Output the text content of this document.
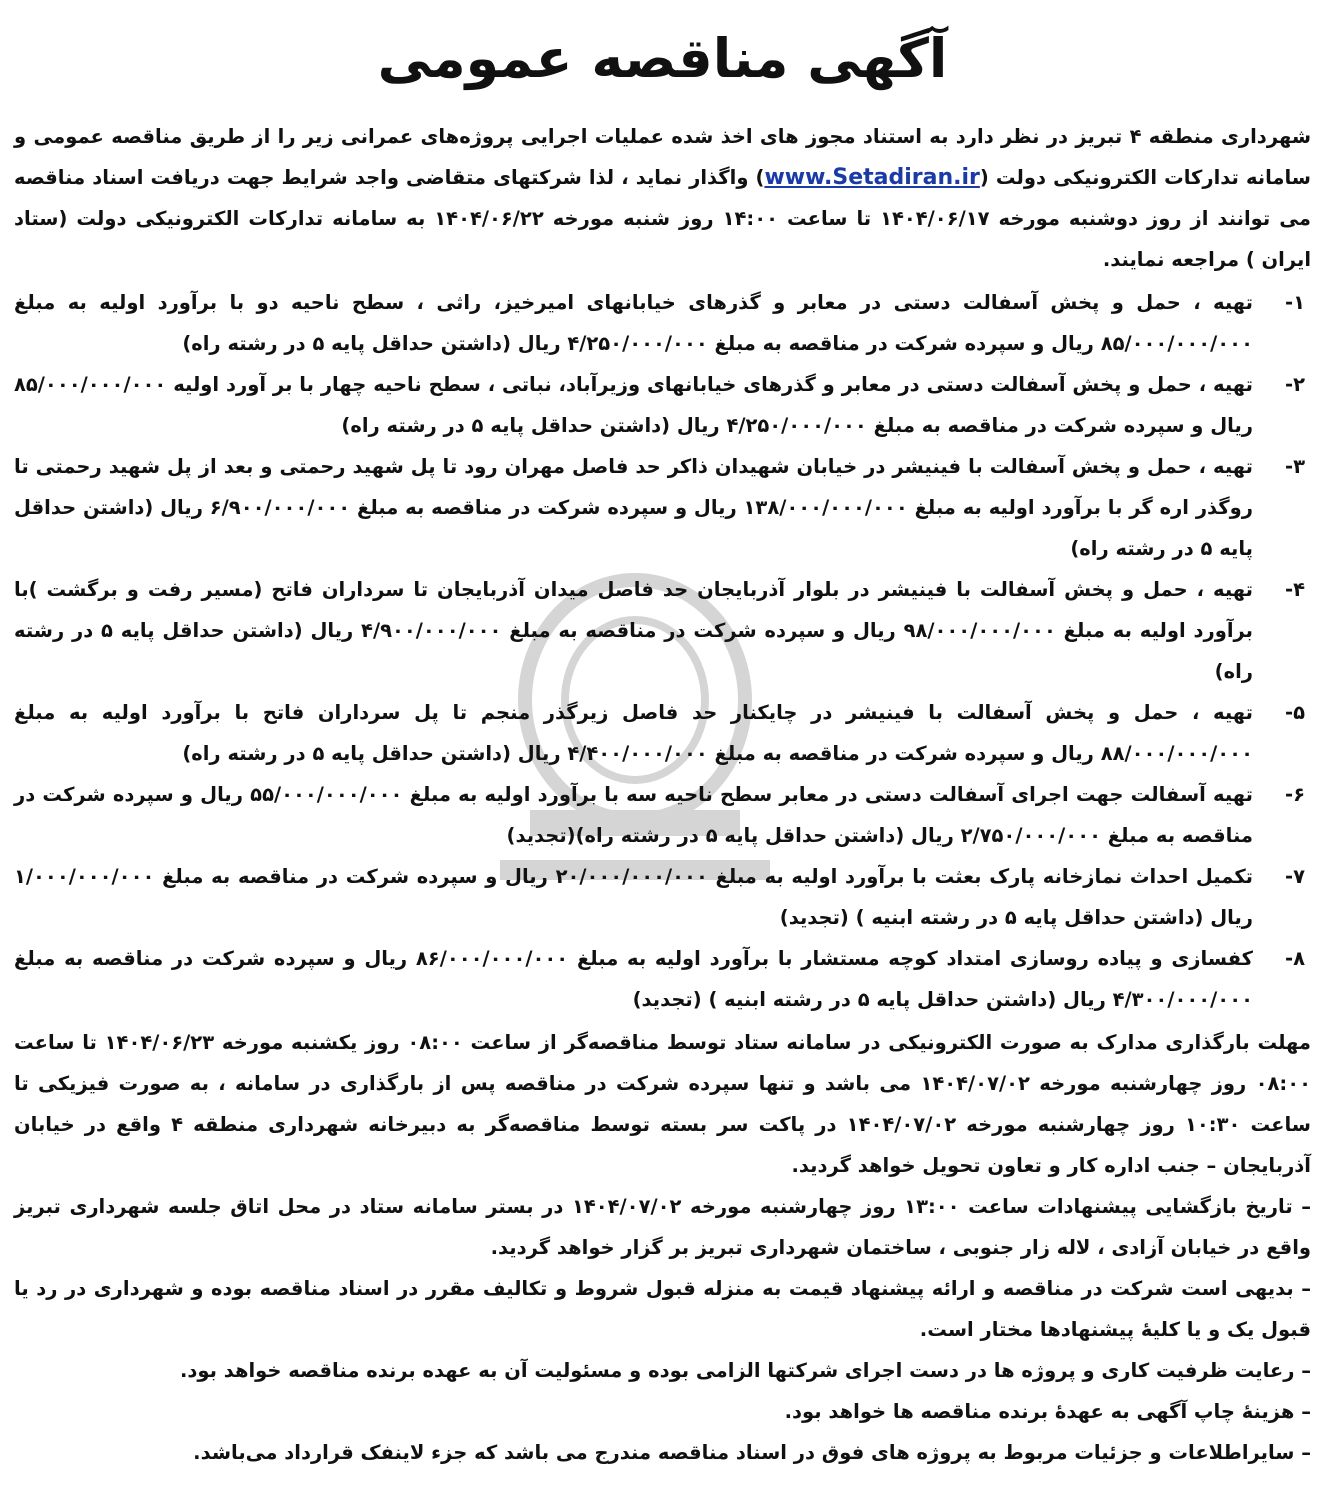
آگهی مناقصه عمومی

شهرداری منطقه ۴ تبریز در نظر دارد به استناد مجوز های اخذ شده عملیات اجرایی پروژه‌های عمرانی زیر را از طریق مناقصه عمومی و سامانه تدارکات الکترونیکی دولت (www.Setadiran.ir) واگذار نماید ، لذا شرکتهای متقاضی واجد شرایط جهت دریافت اسناد مناقصه می توانند از روز دوشنبه مورخه ۱۴۰۴/۰۶/۱۷ تا ساعت ۱۴:۰۰ روز شنبه مورخه ۱۴۰۴/۰۶/۲۲ به سامانه تدارکات الکترونیکی دولت (ستاد ایران ) مراجعه نمایند.

۱-
تهیه ، حمل و پخش آسفالت دستی در معابر و گذرهای خیابانهای امیرخیز، راثی ، سطح ناحیه دو با برآورد اولیه به مبلغ ۸۵/۰۰۰/۰۰۰/۰۰۰ ریال و سپرده شرکت در مناقصه به مبلغ ۴/۲۵۰/۰۰۰/۰۰۰ ریال (داشتن حداقل پایه ۵ در رشته راه)
۲-
تهیه ، حمل و پخش آسفالت دستی در معابر و گذرهای خیابانهای وزیرآباد، نباتی ، سطح ناحیه چهار با بر آورد اولیه ۸۵/۰۰۰/۰۰۰/۰۰۰ ریال و سپرده شرکت در مناقصه به مبلغ ۴/۲۵۰/۰۰۰/۰۰۰ ریال (داشتن حداقل پایه ۵ در رشته راه)
۳-
تهیه ، حمل و پخش آسفالت با فینیشر در خیابان شهیدان ذاکر حد فاصل مهران رود تا پل شهید رحمتی و بعد از پل شهید رحمتی تا روگذر اره گر با برآورد اولیه به مبلغ ۱۳۸/۰۰۰/۰۰۰/۰۰۰ ریال و سپرده شرکت در مناقصه به مبلغ ۶/۹۰۰/۰۰۰/۰۰۰ ریال (داشتن حداقل پایه ۵ در رشته راه)
۴-
تهیه ، حمل و پخش آسفالت با فینیشر در بلوار آذربایجان حد فاصل میدان آذربایجان تا سرداران فاتح (مسیر رفت و برگشت )با برآورد اولیه به مبلغ ۹۸/۰۰۰/۰۰۰/۰۰۰ ریال و سپرده شرکت در مناقصه به مبلغ ۴/۹۰۰/۰۰۰/۰۰۰ ریال (داشتن حداقل پایه ۵ در رشته راه)
۵-
تهیه ، حمل و پخش آسفالت با فینیشر در چایکنار حد فاصل زیرگذر منجم تا پل سرداران فاتح با برآورد اولیه به مبلغ ۸۸/۰۰۰/۰۰۰/۰۰۰ ریال و سپرده شرکت در مناقصه به مبلغ ۴/۴۰۰/۰۰۰/۰۰۰ ریال (داشتن حداقل پایه ۵ در رشته راه)
۶-
تهیه آسفالت جهت اجرای آسفالت دستی در معابر سطح ناحیه سه با برآورد اولیه به مبلغ ۵۵/۰۰۰/۰۰۰/۰۰۰ ریال و سپرده شرکت در مناقصه به مبلغ ۲/۷۵۰/۰۰۰/۰۰۰ ریال (داشتن حداقل پایه ۵ در رشته راه)(تجدید)
۷-
تکمیل احداث نمازخانه پارک بعثت با برآورد اولیه به مبلغ ۲۰/۰۰۰/۰۰۰/۰۰۰ ریال و سپرده شرکت در مناقصه به مبلغ ۱/۰۰۰/۰۰۰/۰۰۰ ریال (داشتن حداقل پایه ۵ در رشته ابنیه ) (تجدید)
۸-
کفسازی و پیاده روسازی امتداد کوچه مستشار با برآورد اولیه به مبلغ ۸۶/۰۰۰/۰۰۰/۰۰۰ ریال و سپرده شرکت در مناقصه به مبلغ ۴/۳۰۰/۰۰۰/۰۰۰ ریال (داشتن حداقل پایه ۵ در رشته ابنیه ) (تجدید)

مهلت بارگذاری مدارک به صورت الکترونیکی در سامانه ستاد توسط مناقصه‌گر از ساعت ۰۸:۰۰ روز یکشنبه مورخه ۱۴۰۴/۰۶/۲۳ تا ساعت ۰۸:۰۰ روز چهارشنبه مورخه ۱۴۰۴/۰۷/۰۲ می باشد و تنها سپرده شرکت در مناقصه پس از بارگذاری در سامانه ، به صورت فیزیکی تا ساعت ۱۰:۳۰ روز چهارشنبه مورخه ۱۴۰۴/۰۷/۰۲ در پاکت سر بسته توسط مناقصه‌گر به دبیرخانه شهرداری منطقه ۴ واقع در خیابان آذربایجان – جنب اداره کار و تعاون تحویل خواهد گردید.

– تاریخ بازگشایی پیشنهادات ساعت ۱۳:۰۰ روز چهارشنبه مورخه ۱۴۰۴/۰۷/۰۲ در بستر سامانه ستاد در محل اتاق جلسه شهرداری تبریز واقع در خیابان آزادی ، لاله زار جنوبی ، ساختمان شهرداری تبریز بر گزار خواهد گردید.

– بدیهی است شرکت در مناقصه و ارائه پیشنهاد قیمت به منزله قبول شروط و تکالیف مقرر در اسناد مناقصه بوده و شهرداری در رد یا قبول یک و یا کلیهٔ پیشنهادها مختار است.

– رعایت ظرفیت کاری و پروژه ها در دست اجرای شرکتها الزامی بوده و مسئولیت آن به عهده برنده مناقصه خواهد بود.

– هزینهٔ چاپ آگهی به عهدهٔ برنده مناقصه ها خواهد بود.

– سایراطلاعات و جزئیات مربوط به پروژه های فوق در اسناد مناقصه مندرج می باشد که جزء لاینفک قرارداد می‌باشد.
